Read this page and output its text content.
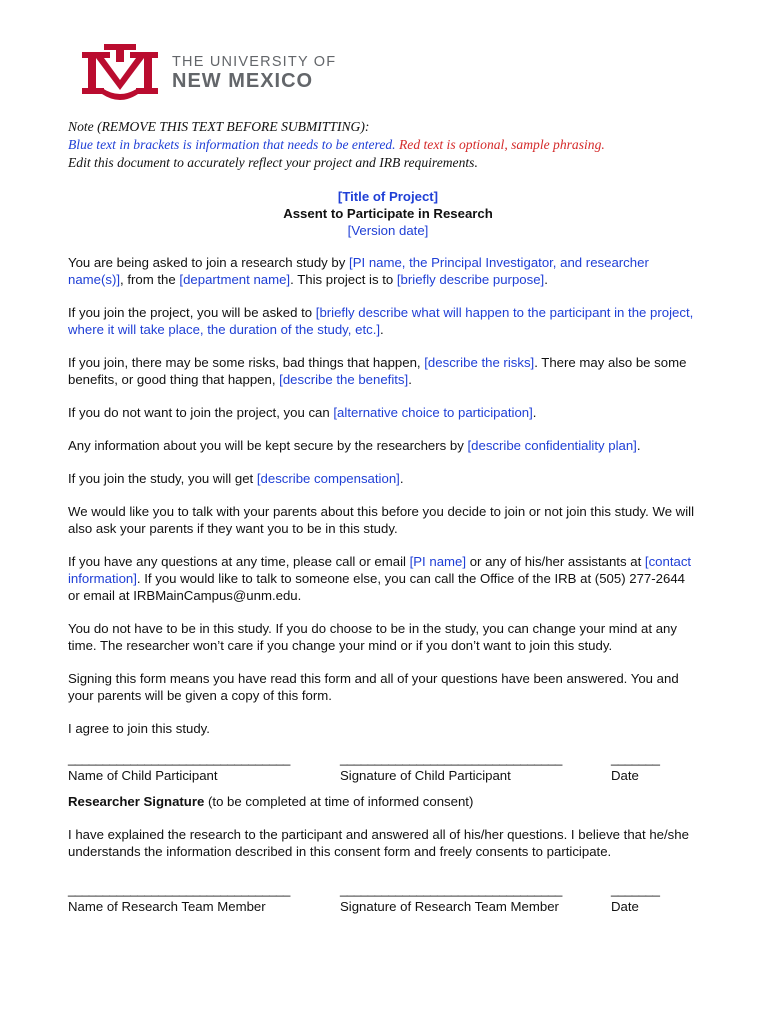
THE UNIVERSITY OF
NEW MEXICO
Note (REMOVE THIS TEXT BEFORE SUBMITTING):
Blue text in brackets is information that needs to be entered. Red text is optional, sample phrasing.
Edit this document to accurately reflect your project and IRB requirements.
[Title of Project]
Assent to Participate in Research
[Version date]

You are being asked to join a research study by [PI name, the Principal Investigator, and researcher name(s)], from the [department name]. This project is to [briefly describe purpose].

If you join the project, you will be asked to [briefly describe what will happen to the participant in the project, where it will take place, the duration of the study, etc.].

If you join, there may be some risks, bad things that happen, [describe the risks]. There may also be some benefits, or good thing that happen, [describe the benefits].

If you do not want to join the project, you can [alternative choice to participation].

Any information about you will be kept secure by the researchers by [describe confidentiality plan].

If you join the study, you will get [describe compensation].

We would like you to talk with your parents about this before you decide to join or not join this study. We will also ask your parents if they want you to be in this study.

If you have any questions at any time, please call or email [PI name] or any of his/her assistants at [contact information]. If you would like to talk to someone else, you can call the Office of the IRB at (505) 277-2644 or email at IRBMainCampus@unm.edu.

You do not have to be in this study. If you do choose to be in the study, you can change your mind at any time. The researcher won’t care if you change your mind or if you don’t want to join this study.

Signing this form means you have read this form and all of your questions have been answered. You and your parents will be given a copy of this form.

I agree to join this study.

________________________________
Name of Child Participant
________________________________
Signature of Child Participant
_______
Date

Researcher Signature (to be completed at time of informed consent)

I have explained the research to the participant and answered all of his/her questions. I believe that he/she understands the information described in this consent form and freely consents to participate.

________________________________
Name of Research Team Member
________________________________
Signature of Research Team Member
_______
Date
